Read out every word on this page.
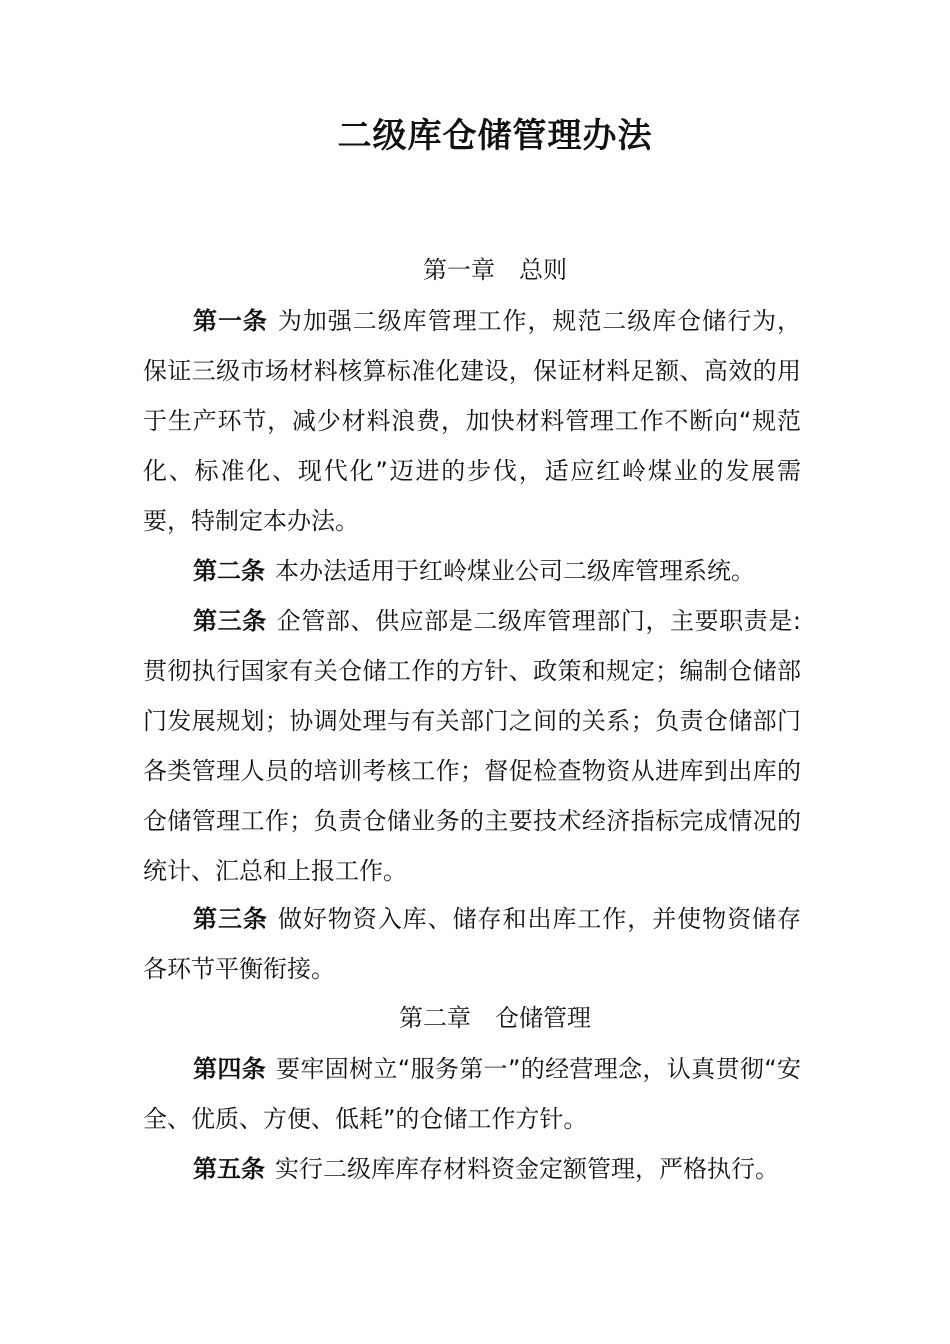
二级库仓储管理办法
第一章　总则

第一条 为加强二级库管理工作，规范二级库仓储行为，保证三级市场材料核算标准化建设，保证材料足额、高效的用于生产环节，减少材料浪费，加快材料管理工作不断向“规范化、标准化、现代化”迈进的步伐，适应红岭煤业的发展需要，特制定本办法。

第二条 本办法适用于红岭煤业公司二级库管理系统。

第三条 企管部、供应部是二级库管理部门，主要职责是: 贯彻执行国家有关仓储工作的方针、政策和规定；编制仓储部门发展规划；协调处理与有关部门之间的关系；负责仓储部门各类管理人员的培训考核工作；督促检查物资从进库到出库的仓储管理工作；负责仓储业务的主要技术经济指标完成情况的统计、汇总和上报工作。

第三条 做好物资入库、储存和出库工作，并使物资储存各环节平衡衔接。

第二章　仓储管理

第四条 要牢固树立“服务第一”的经营理念，认真贯彻“安全、优质、方便、低耗”的仓储工作方针。

第五条 实行二级库库存材料资金定额管理，严格执行。
